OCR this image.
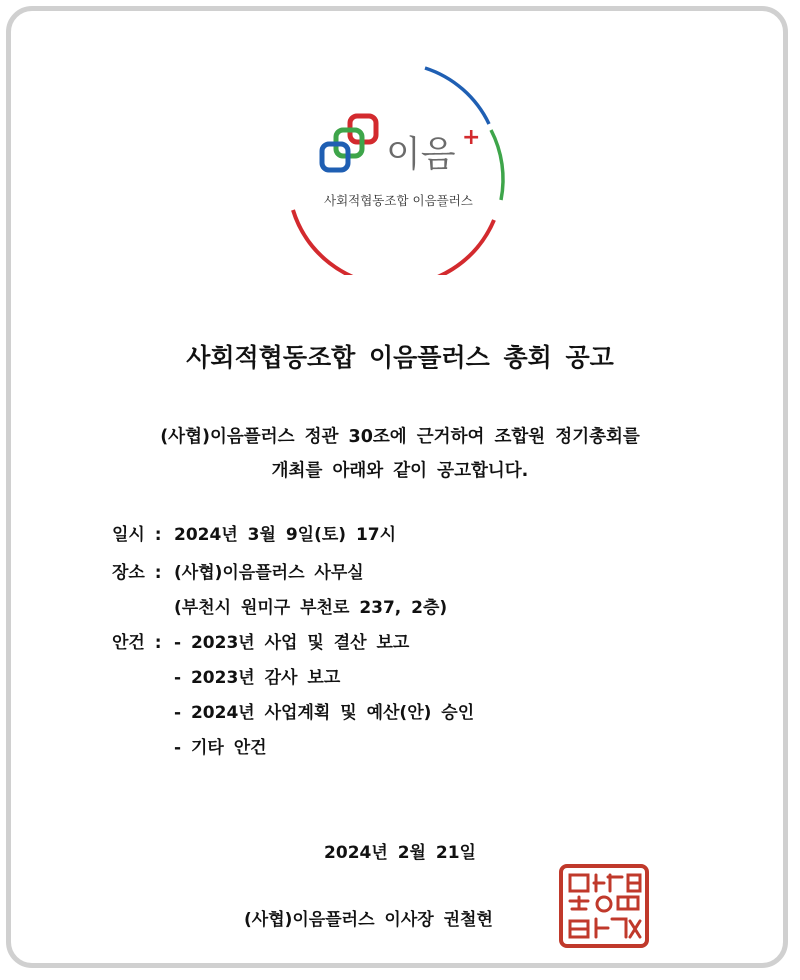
이음 +
사회적협동조합 이음플러스
사회적협동조합 이음플러스 총회 공고
(사협)이음플러스 정관 30조에 근거하여 조합원 정기총회를
개최를 아래와 같이 공고합니다.
일시 : 2024년 3월 9일(토) 17시
장소 : (사협)이음플러스 사무실
(부천시 원미구 부천로 237, 2층)
안건 : - 2023년 사업 및 결산 보고
- 2023년 감사 보고
- 2024년 사업계획 및 예산(안) 승인
- 기타 안건
2024년 2월 21일
(사협)이음플러스 이사장 권철현
